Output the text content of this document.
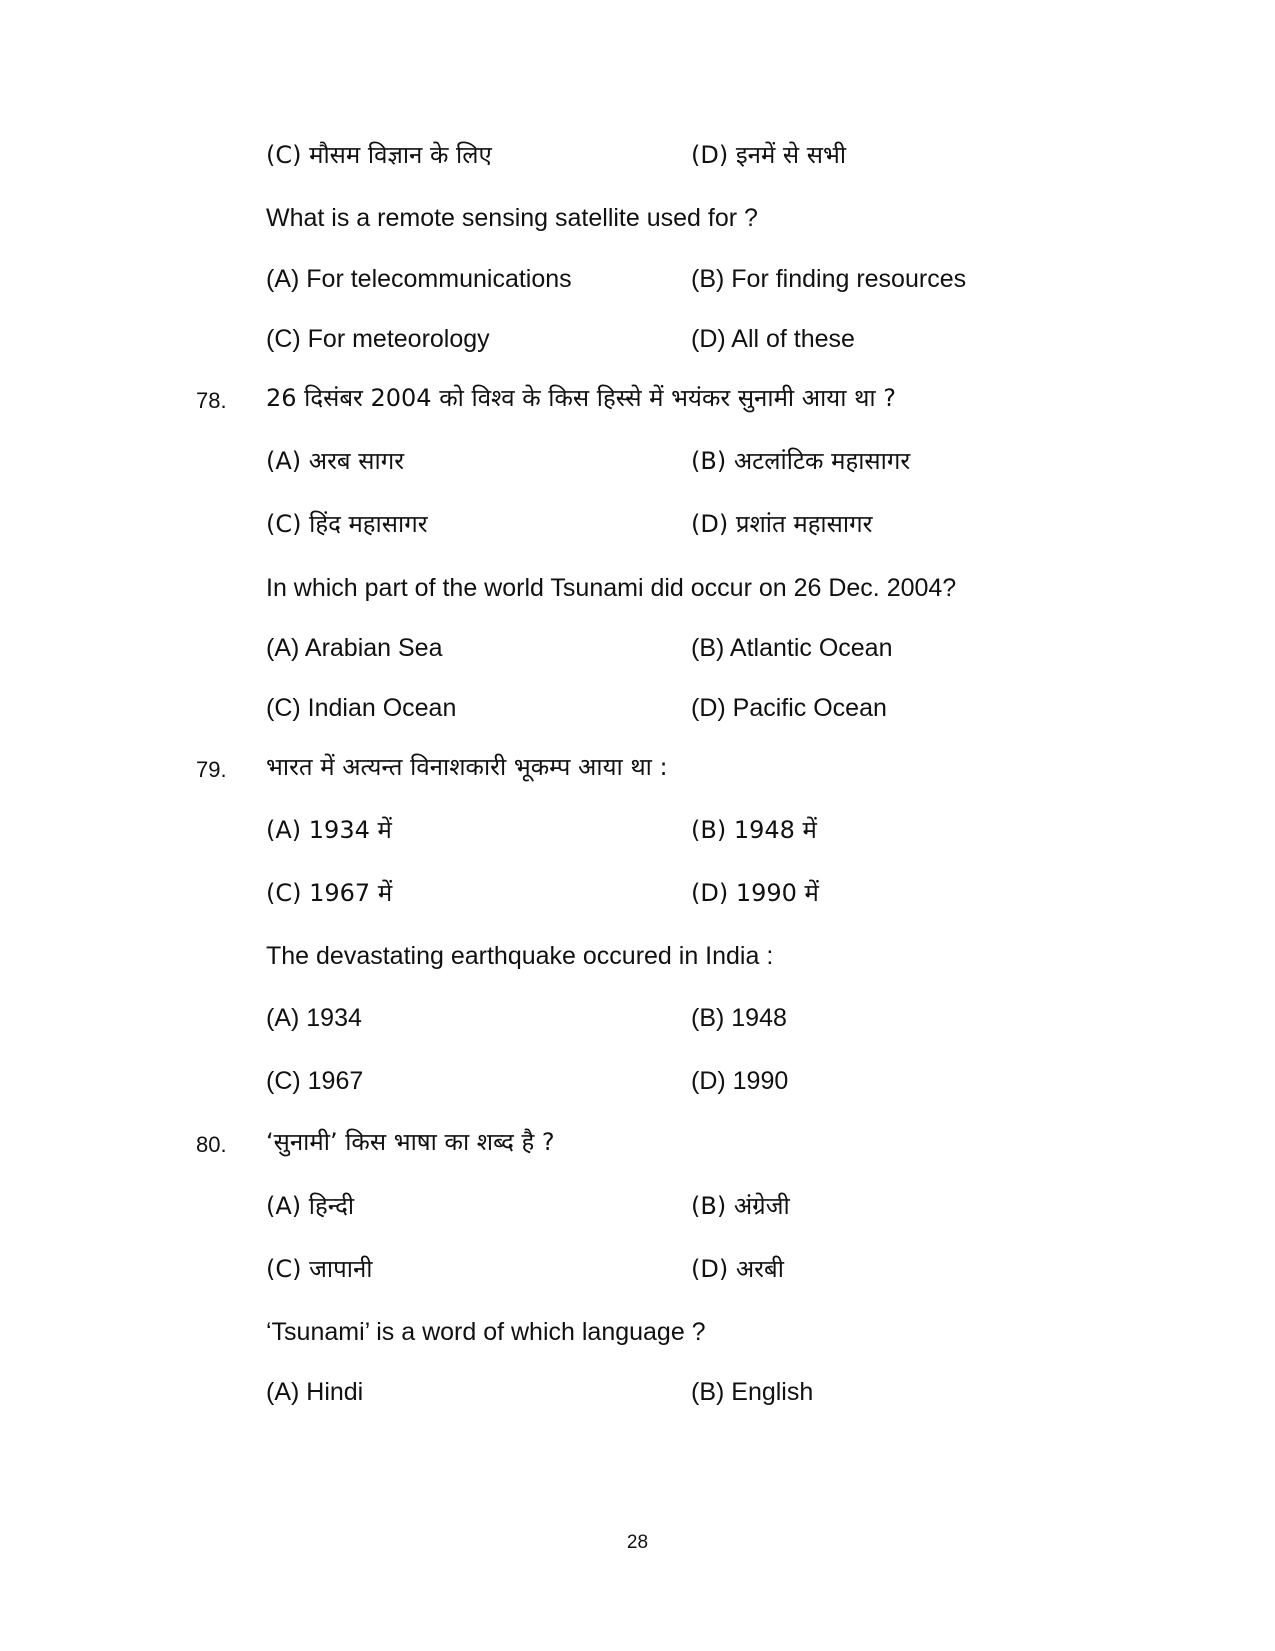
(C) मौसम विज्ञान के लिए	(D) इनमें से सभी
What is a remote sensing satellite used for ?
(A) For telecommunications	(B) For finding resources
(C) For meteorology	(D) All of these
78.	26 दिसंबर 2004 को विश्व के किस हिस्से में भयंकर सुनामी आया था ?
(A) अरब सागर	(B) अटलांटिक महासागर
(C) हिंद महासागर	(D) प्रशांत महासागर
In which part of the world Tsunami did occur on 26 Dec. 2004?
(A) Arabian Sea	(B) Atlantic Ocean
(C) Indian Ocean	(D) Pacific Ocean
79.	भारत में अत्यन्त विनाशकारी भूकम्प आया था :
(A) 1934 में	(B) 1948 में
(C) 1967 में	(D) 1990 में
The devastating earthquake occured in India :
(A) 1934	(B) 1948
(C) 1967	(D) 1990
80.	‘सुनामी’ किस भाषा का शब्द है ?
(A) हिन्दी	(B) अंग्रेजी
(C) जापानी	(D) अरबी
‘Tsunami’ is a word of which language ?
(A) Hindi	(B) English
28
